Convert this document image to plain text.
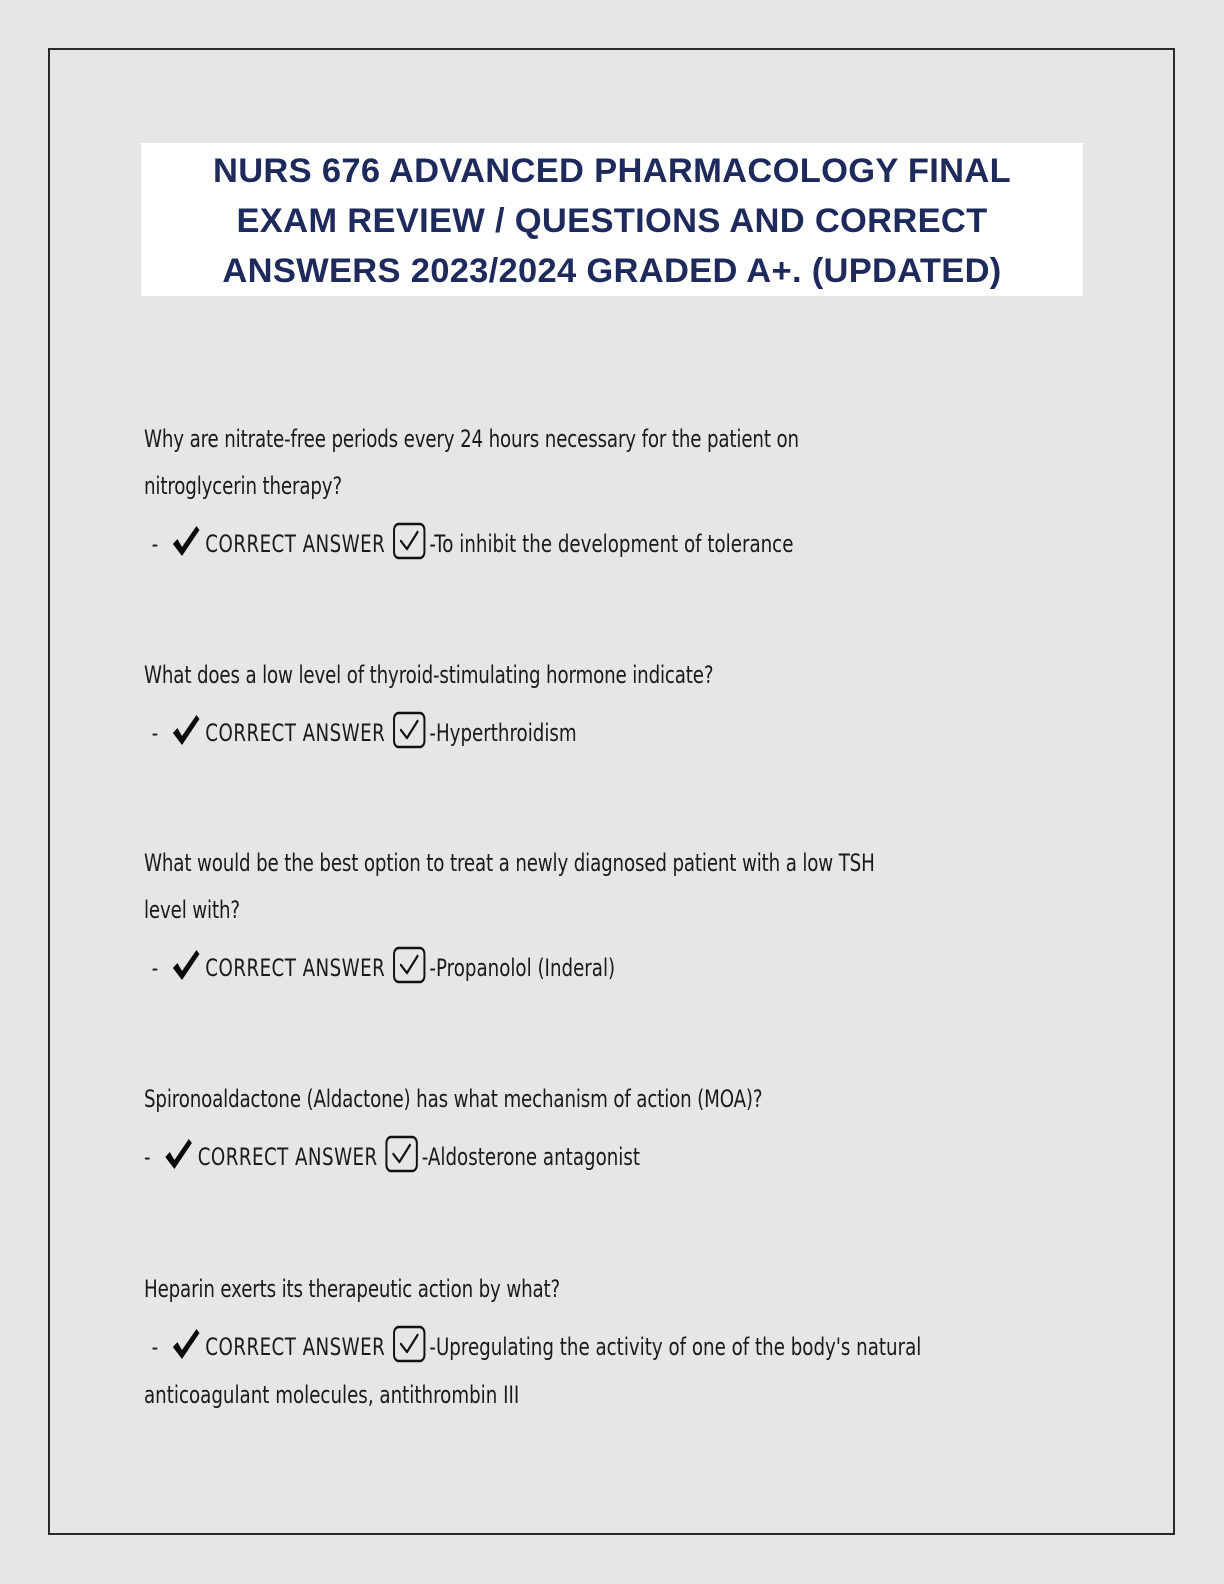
NURS 676 ADVANCED PHARMACOLOGY FINAL
EXAM REVIEW / QUESTIONS AND CORRECT
ANSWERS 2023/2024 GRADED A+. (UPDATED)
Why are nitrate-free periods every 24 hours necessary for the patient on
nitroglycerin therapy?
- CORRECT ANSWER -To inhibit the development of tolerance
What does a low level of thyroid-stimulating hormone indicate?
- CORRECT ANSWER -Hyperthroidism
What would be the best option to treat a newly diagnosed patient with a low TSH
level with?
- CORRECT ANSWER -Propanolol (Inderal)
Spironoaldactone (Aldactone) has what mechanism of action (MOA)?
- CORRECT ANSWER -Aldosterone antagonist
Heparin exerts its therapeutic action by what?
- CORRECT ANSWER -Upregulating the activity of one of the body's natural
anticoagulant molecules, antithrombin III
